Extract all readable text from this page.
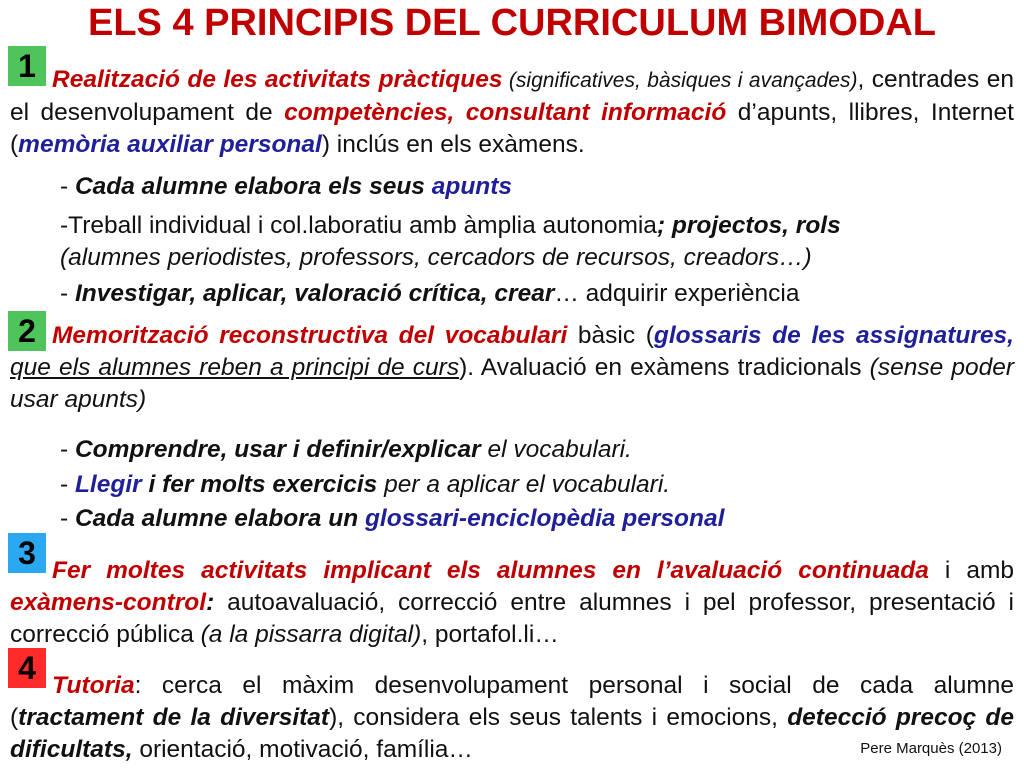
ELS 4 PRINCIPIS DEL CURRICULUM BIMODAL
1
2
3
4

Realització de les activitats pràctiques (significatives, bàsiques i avançades), centrades en el desenvolupament de competències, consultant informació d’apunts, llibres, Internet (memòria auxiliar personal) inclús en els exàmens.

- Cada alumne elabora els seus apunts

-Treball individual i col.laboratiu amb àmplia autonomia; projectos, rols
(alumnes periodistes, professors, cercadors de recursos, creadors…)

- Investigar, aplicar, valoració crítica, crear… adquirir experiència

Memorització reconstructiva del vocabulari bàsic (glossaris de les assignatures, que els alumnes reben a principi de curs). Avaluació en exàmens tradicionals (sense poder usar apunts)

- Comprendre, usar i definir/explicar el vocabulari.

- Llegir i fer molts exercicis per a aplicar el vocabulari.

- Cada alumne elabora un glossari-enciclopèdia personal

Fer moltes activitats implicant els alumnes en l’avaluació continuada i amb exàmens-control: autoavaluació, correcció entre alumnes i pel professor, presentació i correcció pública (a la pissarra digital), portafol.li…

Tutoria: cerca el màxim desenvolupament personal i social de cada alumne (tractament de la diversitat), considera els seus talents i emocions, detecció precoç de dificultats, orientació, motivació, família…	Pere Marquès (2013)
